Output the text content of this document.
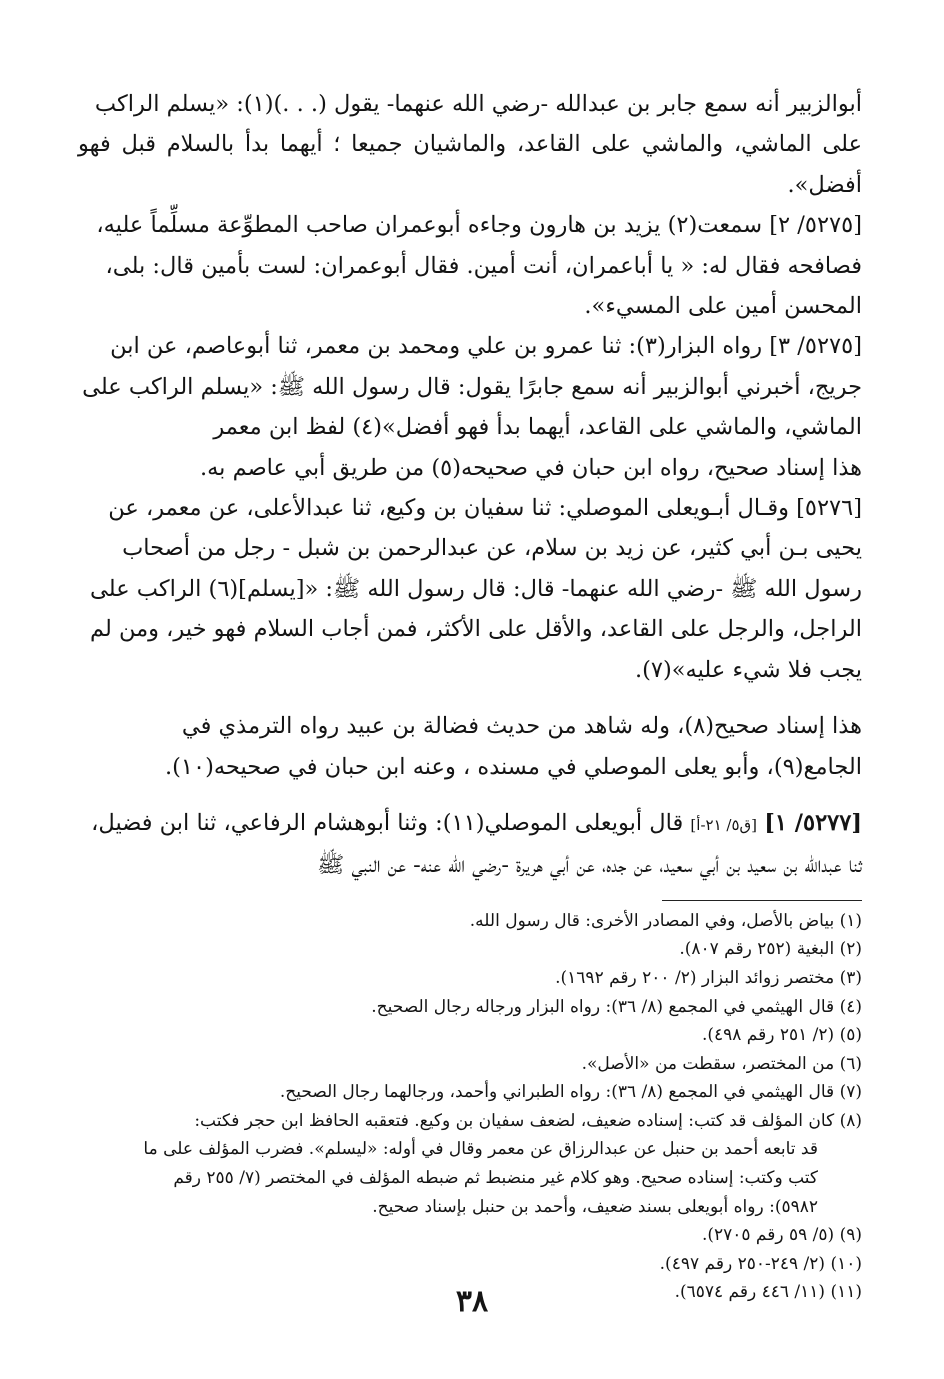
أبوالزبير أنه سمع جابر بن عبدالله -رضي الله عنهما- يقول (. . .)(١): «يسلم الراكب

على الماشي، والماشي على القاعد، والماشيان جميعا ؛ أيهما بدأ بالسلام قبل فهو أفضل».

[٥٢٧٥/ ٢] سمعت(٢) يزيد بن هارون وجاءه أبوعمران صاحب المطوِّعة مسلِّماً عليه،

فصافحه فقال له: « يا أباعمران، أنت أمين. فقال أبوعمران: لست بأمين قال: بلى،

المحسن أمين على المسيء».

[٥٢٧٥/ ٣] رواه البزار(٣): ثنا عمرو بن علي ومحمد بن معمر، ثنا أبوعاصم، عن ابن

جريج، أخبرني أبوالزبير أنه سمع جابرًا يقول: قال رسول الله ﷺ: «يسلم الراكب على

الماشي، والماشي على القاعد، أيهما بدأ فهو أفضل»(٤) لفظ ابن معمر

هذا إسناد صحيح، رواه ابن حبان في صحيحه(٥) من طريق أبي عاصم به.

[٥٢٧٦] وقـال أبـويعلى الموصلي: ثنا سفيان بن وكيع، ثنا عبدالأعلى، عن معمر، عن

يحيى بـن أبي كثير، عن زيد بن سلام، عن عبدالرحمن بن شبل - رجل من أصحاب

رسول الله ﷺ -رضي الله عنهما- قال: قال رسول الله ﷺ: «[يسلم](٦) الراكب على

الراجل، والرجل على القاعد، والأقل على الأكثر، فمن أجاب السلام فهو خير، ومن لم

يجب فلا شيء عليه»(٧).

هذا إسناد صحيح(٨)، وله شاهد من حديث فضالة بن عبيد رواه الترمذي في

الجامع(٩)، وأبو يعلى الموصلي في مسنده ، وعنه ابن حبان في صحيحه(١٠).

[٥٢٧٧/ ١] [ق٥/ ٢١-أ] قال أبويعلى الموصلي(١١): وثنا أبوهشام الرفاعي، ثنا ابن فضيل،

ثنا عبدالله بن سعيد بن أبي سعيد، عن جده، عن أبي هريرة -رضي الله عنه- عن النبي ﷺ

(١) بياض بالأصل، وفي المصادر الأخرى: قال رسول الله.

(٢) البغية (٢٥٢ رقم ٨٠٧).

(٣) مختصر زوائد البزار (٢/ ٢٠٠ رقم ١٦٩٢).

(٤) قال الهيثمي في المجمع (٨/ ٣٦): رواه البزار ورجاله رجال الصحيح.

(٥) (٢/ ٢٥١ رقم ٤٩٨).

(٦) من المختصر، سقطت من «الأصل».

(٧) قال الهيثمي في المجمع (٨/ ٣٦): رواه الطبراني وأحمد، ورجالهما رجال الصحيح.

(٨) كان المؤلف قد كتب: إسناده ضعيف، لضعف سفيان بن وكيع. فتعقبه الحافظ ابن حجر فكتب:

قد تابعه أحمد بن حنبل عن عبدالرزاق عن معمر وقال في أوله: «ليسلم». فضرب المؤلف على ما

كتب وكتب: إسناده صحيح. وهو كلام غير منضبط ثم ضبطه المؤلف في المختصر (٧/ ٢٥٥ رقم

٥٩٨٢): رواه أبويعلى بسند ضعيف، وأحمد بن حنبل بإسناد صحيح.

(٩) (٥/ ٥٩ رقم ٢٧٠٥).

(١٠) (٢/ ٢٤٩-٢٥٠ رقم ٤٩٧).

(١١) (١١/ ٤٤٦ رقم ٦٥٧٤).

٣٨
